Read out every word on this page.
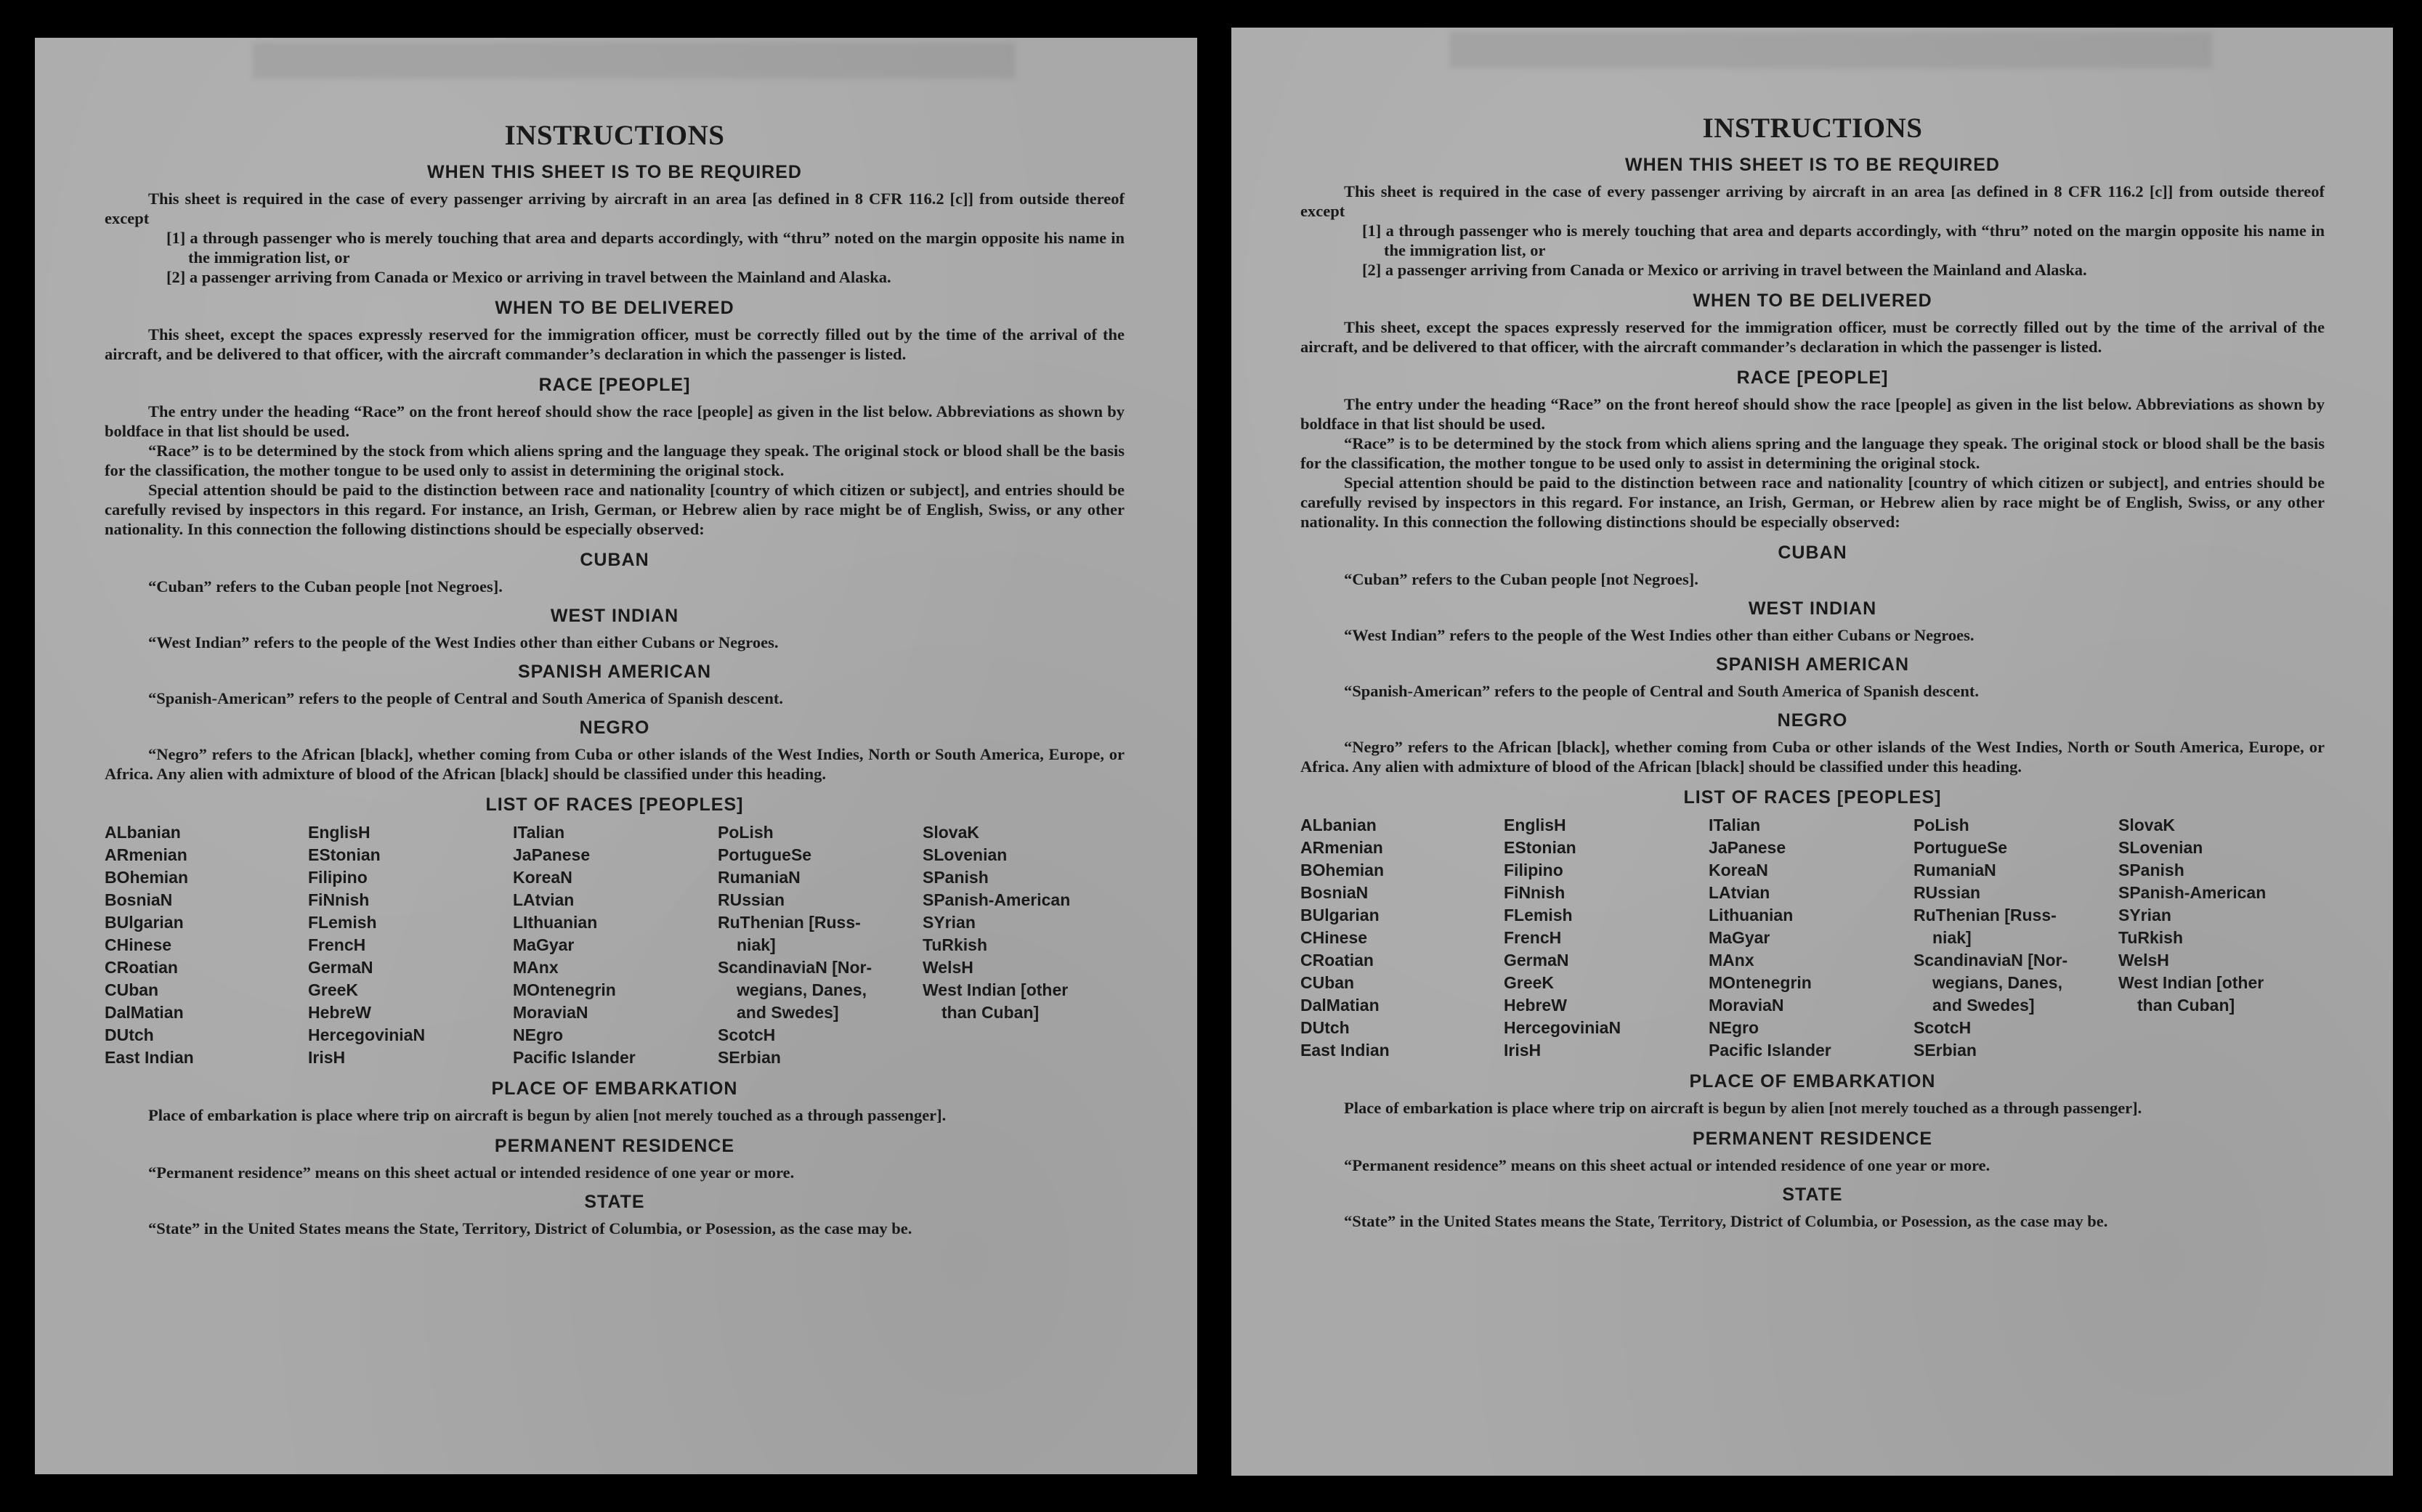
INSTRUCTIONS
WHEN THIS SHEET IS TO BE REQUIRED

This sheet is required in the case of every passenger arriving by aircraft in an area [as defined in 8 CFR 116.2 [c]] from outside thereof except

[1] a through passenger who is merely touching that area and departs accordingly, with “thru” noted on the margin opposite his name in the immigration list, or

[2] a passenger arriving from Canada or Mexico or arriving in travel between the Mainland and Alaska.

WHEN TO BE DELIVERED

This sheet, except the spaces expressly reserved for the immigration officer, must be correctly filled out by the time of the arrival of the aircraft, and be delivered to that officer, with the aircraft commander’s declaration in which the passenger is listed.

RACE [PEOPLE]

The entry under the heading “Race” on the front hereof should show the race [people] as given in the list below. Abbreviations as shown by boldface in that list should be used.

“Race” is to be determined by the stock from which aliens spring and the language they speak. The original stock or blood shall be the basis for the classification, the mother tongue to be used only to assist in determining the original stock.

Special attention should be paid to the distinction between race and nationality [country of which citizen or subject], and entries should be carefully revised by inspectors in this regard. For instance, an Irish, German, or Hebrew alien by race might be of English, Swiss, or any other nationality. In this connection the following distinctions should be especially observed:

CUBAN

“Cuban” refers to the Cuban people [not Negroes].

WEST INDIAN

“West Indian” refers to the people of the West Indies other than either Cubans or Negroes.

SPANISH AMERICAN

“Spanish-American” refers to the people of Central and South America of Spanish descent.

NEGRO

“Negro” refers to the African [black], whether coming from Cuba or other islands of the West Indies, North or South America, Europe, or Africa. Any alien with admixture of blood of the African [black] should be classified under this heading.

LIST OF RACES [PEOPLES]
ALbanian
ARmenian
BOhemian
BosniaN
BUlgarian
CHinese
CRoatian
CUban
DalMatian
DUtch
East Indian
EnglisH
EStonian
Filipino
FiNnish
FLemish
FrencH
GermaN
GreeK
HebreW
HercegoviniaN
IrisH
ITalian
JaPanese
KoreaN
LAtvian
LIthuanian
MaGyar
MAnx
MOntenegrin
MoraviaN
NEgro
Pacific Islander
PoLish
PortugueSe
RumaniaN
RUssian
RuThenian [Russ-
niak]
ScandinaviaN [Nor-
wegians, Danes,
and Swedes]
ScotcH
SErbian
SlovaK
SLovenian
SPanish
SPanish-American
SYrian
TuRkish
WelsH
West Indian [other
than Cuban]
PLACE OF EMBARKATION

Place of embarkation is place where trip on aircraft is begun by alien [not merely touched as a through passenger].

PERMANENT RESIDENCE

“Permanent residence” means on this sheet actual or intended residence of one year or more.

STATE

“State” in the United States means the State, Territory, District of Columbia, or Posession, as the case may be.

INSTRUCTIONS
WHEN THIS SHEET IS TO BE REQUIRED

This sheet is required in the case of every passenger arriving by aircraft in an area [as defined in 8 CFR 116.2 [c]] from outside thereof except

[1] a through passenger who is merely touching that area and departs accordingly, with “thru” noted on the margin opposite his name in the immigration list, or

[2] a passenger arriving from Canada or Mexico or arriving in travel between the Mainland and Alaska.

WHEN TO BE DELIVERED

This sheet, except the spaces expressly reserved for the immigration officer, must be correctly filled out by the time of the arrival of the aircraft, and be delivered to that officer, with the aircraft commander’s declaration in which the passenger is listed.

RACE [PEOPLE]

The entry under the heading “Race” on the front hereof should show the race [people] as given in the list below. Abbreviations as shown by boldface in that list should be used.

“Race” is to be determined by the stock from which aliens spring and the language they speak. The original stock or blood shall be the basis for the classification, the mother tongue to be used only to assist in determining the original stock.

Special attention should be paid to the distinction between race and nationality [country of which citizen or subject], and entries should be carefully revised by inspectors in this regard. For instance, an Irish, German, or Hebrew alien by race might be of English, Swiss, or any other nationality. In this connection the following distinctions should be especially observed:

CUBAN

“Cuban” refers to the Cuban people [not Negroes].

WEST INDIAN

“West Indian” refers to the people of the West Indies other than either Cubans or Negroes.

SPANISH AMERICAN

“Spanish-American” refers to the people of Central and South America of Spanish descent.

NEGRO

“Negro” refers to the African [black], whether coming from Cuba or other islands of the West Indies, North or South America, Europe, or Africa. Any alien with admixture of blood of the African [black] should be classified under this heading.

LIST OF RACES [PEOPLES]
ALbanian
ARmenian
BOhemian
BosniaN
BUlgarian
CHinese
CRoatian
CUban
DalMatian
DUtch
East Indian
EnglisH
EStonian
Filipino
FiNnish
FLemish
FrencH
GermaN
GreeK
HebreW
HercegoviniaN
IrisH
ITalian
JaPanese
KoreaN
LAtvian
Lithuanian
MaGyar
MAnx
MOntenegrin
MoraviaN
NEgro
Pacific Islander
PoLish
PortugueSe
RumaniaN
RUssian
RuThenian [Russ-
niak]
ScandinaviaN [Nor-
wegians, Danes,
and Swedes]
ScotcH
SErbian
SlovaK
SLovenian
SPanish
SPanish-American
SYrian
TuRkish
WelsH
West Indian [other
than Cuban]
PLACE OF EMBARKATION

Place of embarkation is place where trip on aircraft is begun by alien [not merely touched as a through passenger].

PERMANENT RESIDENCE

“Permanent residence” means on this sheet actual or intended residence of one year or more.

STATE

“State” in the United States means the State, Territory, District of Columbia, or Posession, as the case may be.
